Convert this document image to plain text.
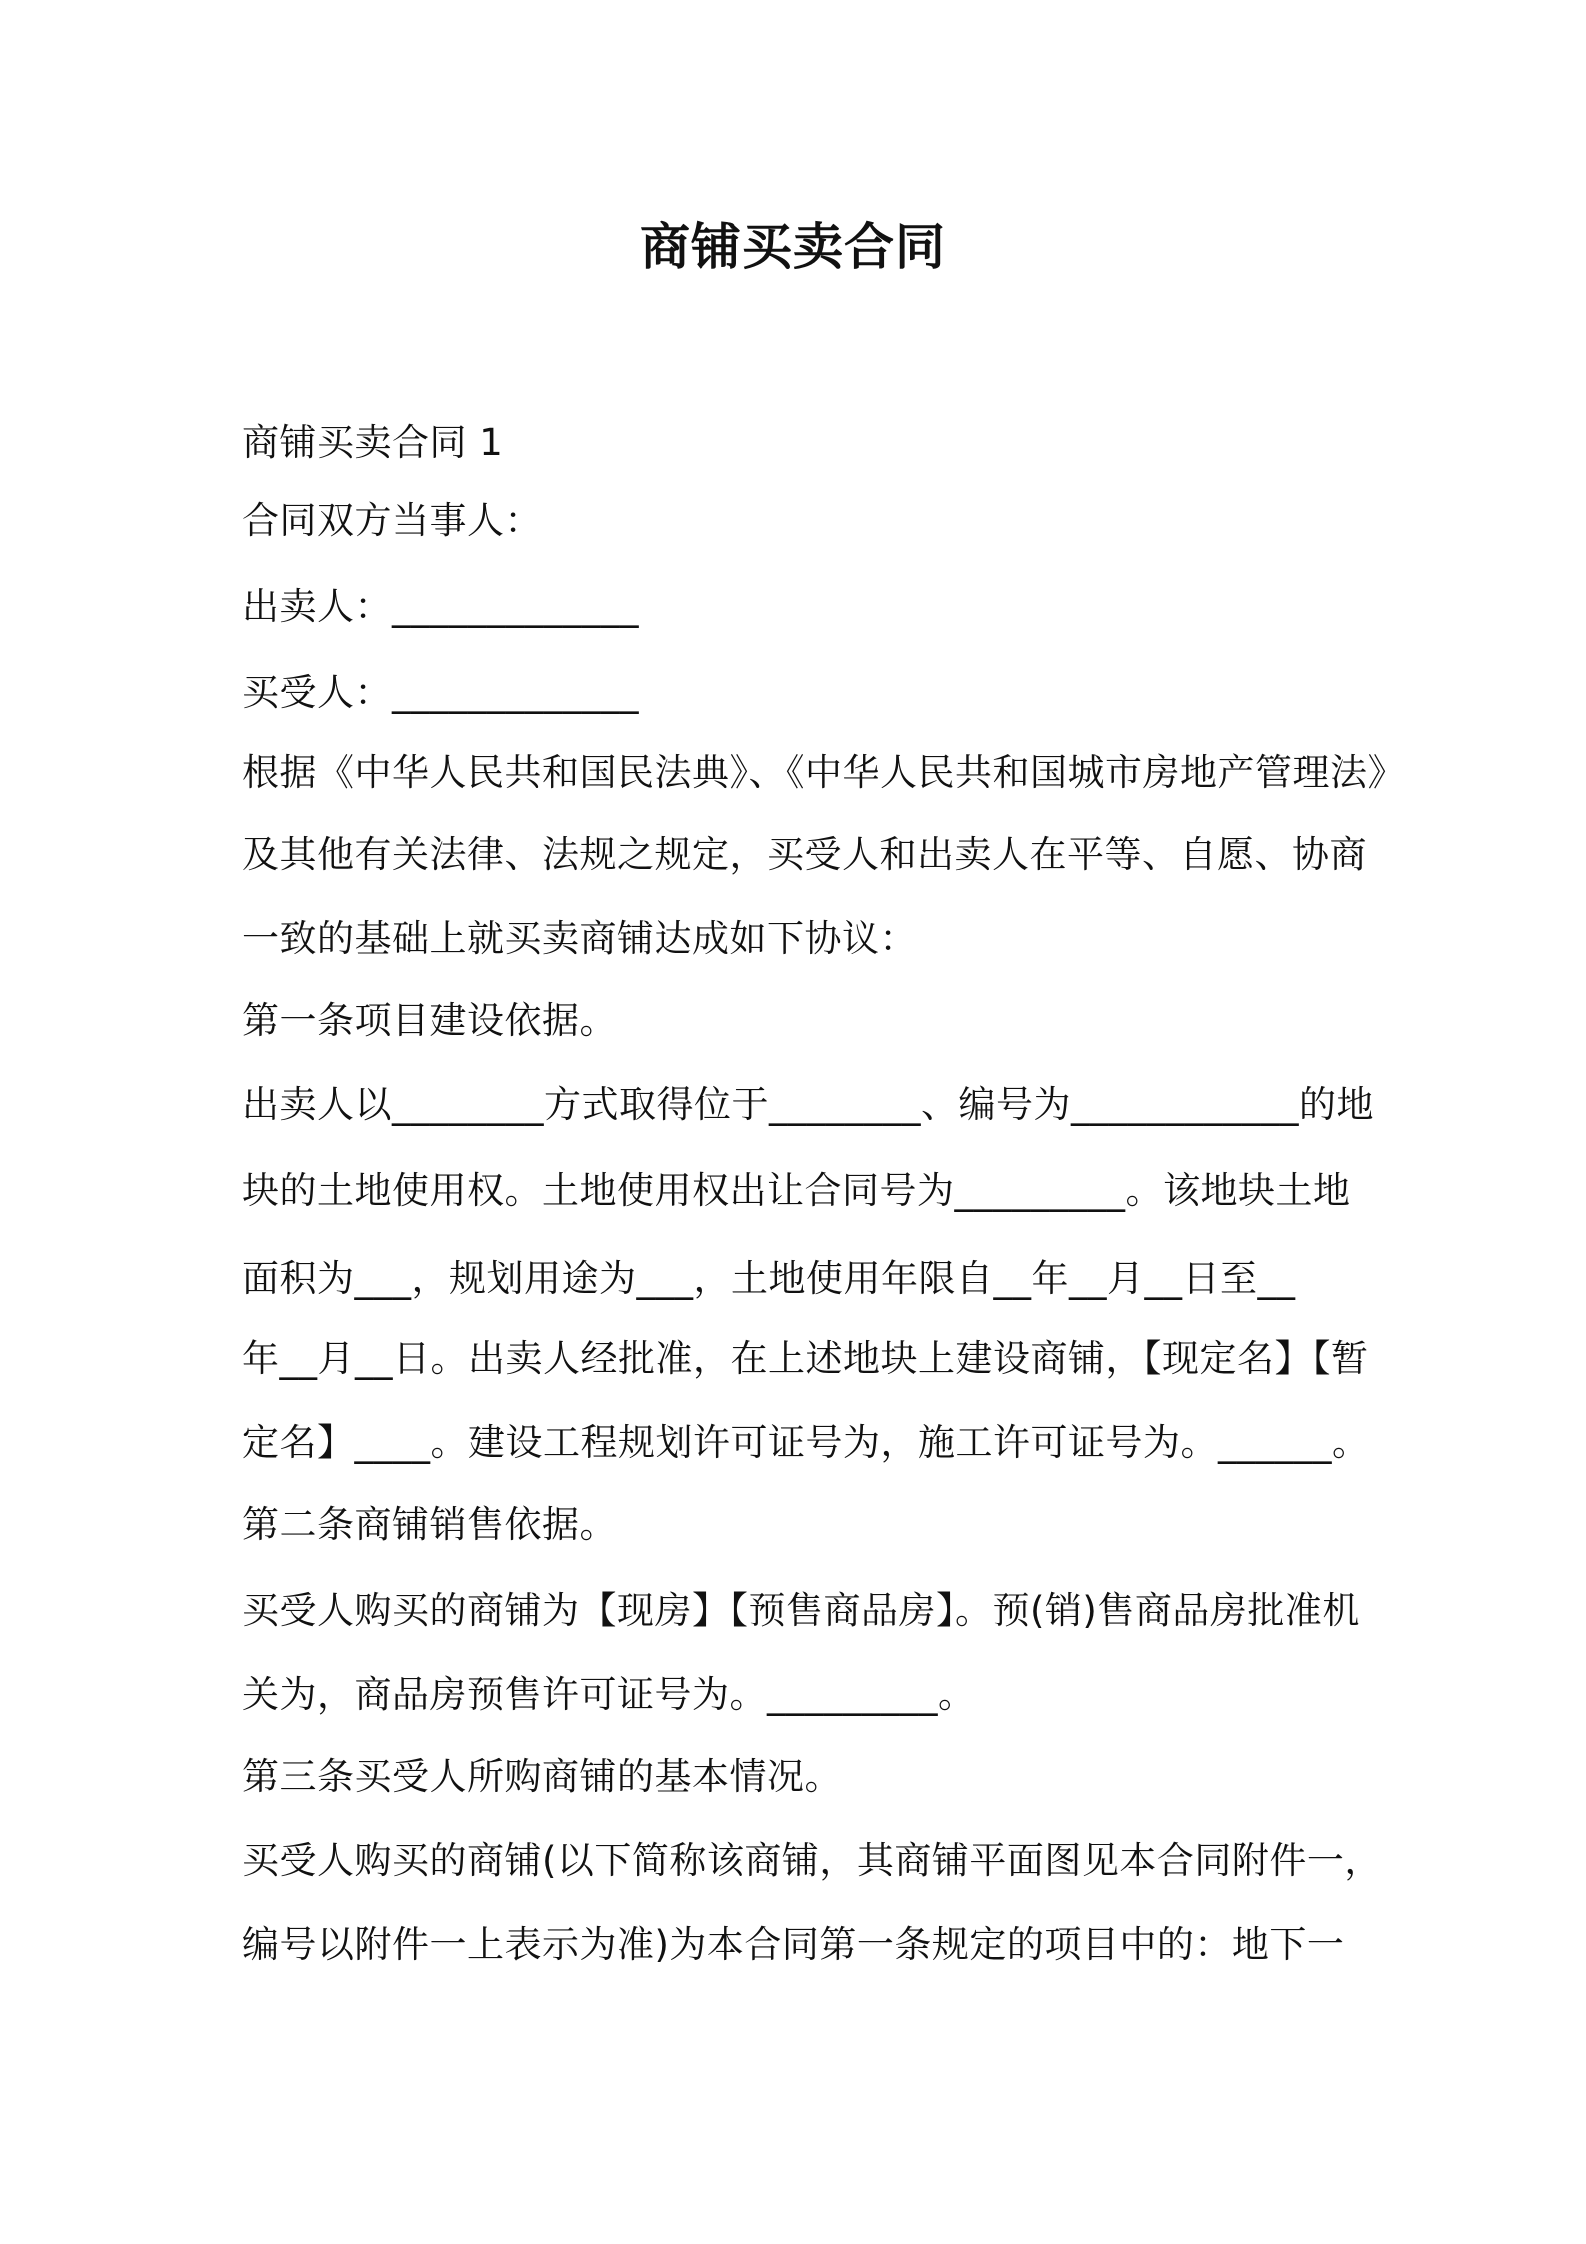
商铺买卖合同
商铺买卖合同 1
合同双方当事人：
出卖人：_____________
买受人：_____________
根据《中华人民共和国民法典》、《中华人民共和国城市房地产管理法》
及其他有关法律、法规之规定，买受人和出卖人在平等、自愿、协商
一致的基础上就买卖商铺达成如下协议：
第一条项目建设依据。
出卖人以________方式取得位于________、编号为____________的地
块的土地使用权。土地使用权出让合同号为_________。该地块土地
面积为___，规划用途为___，土地使用年限自__年__月__日至__
年__月__日。出卖人经批准，在上述地块上建设商铺，【现定名】【暂
定名】____。建设工程规划许可证号为，施工许可证号为。______。
第二条商铺销售依据。
买受人购买的商铺为【现房】【预售商品房】。预(销)售商品房批准机
关为，商品房预售许可证号为。_________。
第三条买受人所购商铺的基本情况。
买受人购买的商铺(以下简称该商铺，其商铺平面图见本合同附件一，
编号以附件一上表示为准)为本合同第一条规定的项目中的：地下一
